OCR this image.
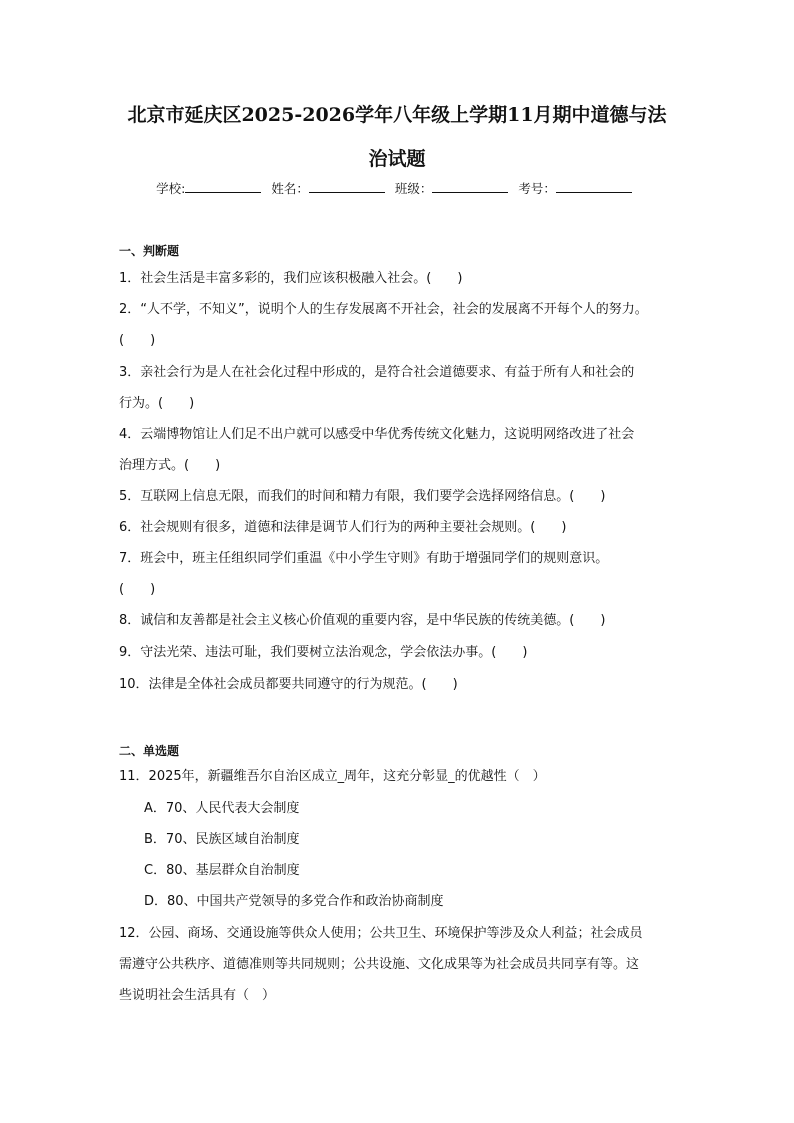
北京市延庆区2025-2026学年八年级上学期11月期中道德与法
治试题
学校:	姓名：	班级：	考号：
一、判断题
1．社会生活是丰富多彩的，我们应该积极融入社会。(　　)
2．“人不学，不知义”，说明个人的生存发展离不开社会，社会的发展离不开每个人的努力。
(　　)
3．亲社会行为是人在社会化过程中形成的，是符合社会道德要求、有益于所有人和社会的
行为。(　　)
4．云端博物馆让人们足不出户就可以感受中华优秀传统文化魅力，这说明网络改进了社会
治理方式。(　　)
5．互联网上信息无限，而我们的时间和精力有限，我们要学会选择网络信息。(　　)
6．社会规则有很多，道德和法律是调节人们行为的两种主要社会规则。(　　)
7．班会中，班主任组织同学们重温《中小学生守则》有助于增强同学们的规则意识。
(　　)
8．诚信和友善都是社会主义核心价值观的重要内容，是中华民族的传统美德。(　　)
9．守法光荣、违法可耻，我们要树立法治观念，学会依法办事。(　　)
10．法律是全体社会成员都要共同遵守的行为规范。(　　)
二、单选题
11．2025年，新疆维吾尔自治区成立_周年，这充分彰显_的优越性（　）
A．70、人民代表大会制度
B．70、民族区域自治制度
C．80、基层群众自治制度
D．80、中国共产党领导的多党合作和政治协商制度
12．公园、商场、交通设施等供众人使用；公共卫生、环境保护等涉及众人利益；社会成员
需遵守公共秩序、道德准则等共同规则；公共设施、文化成果等为社会成员共同享有等。这
些说明社会生活具有（　）
